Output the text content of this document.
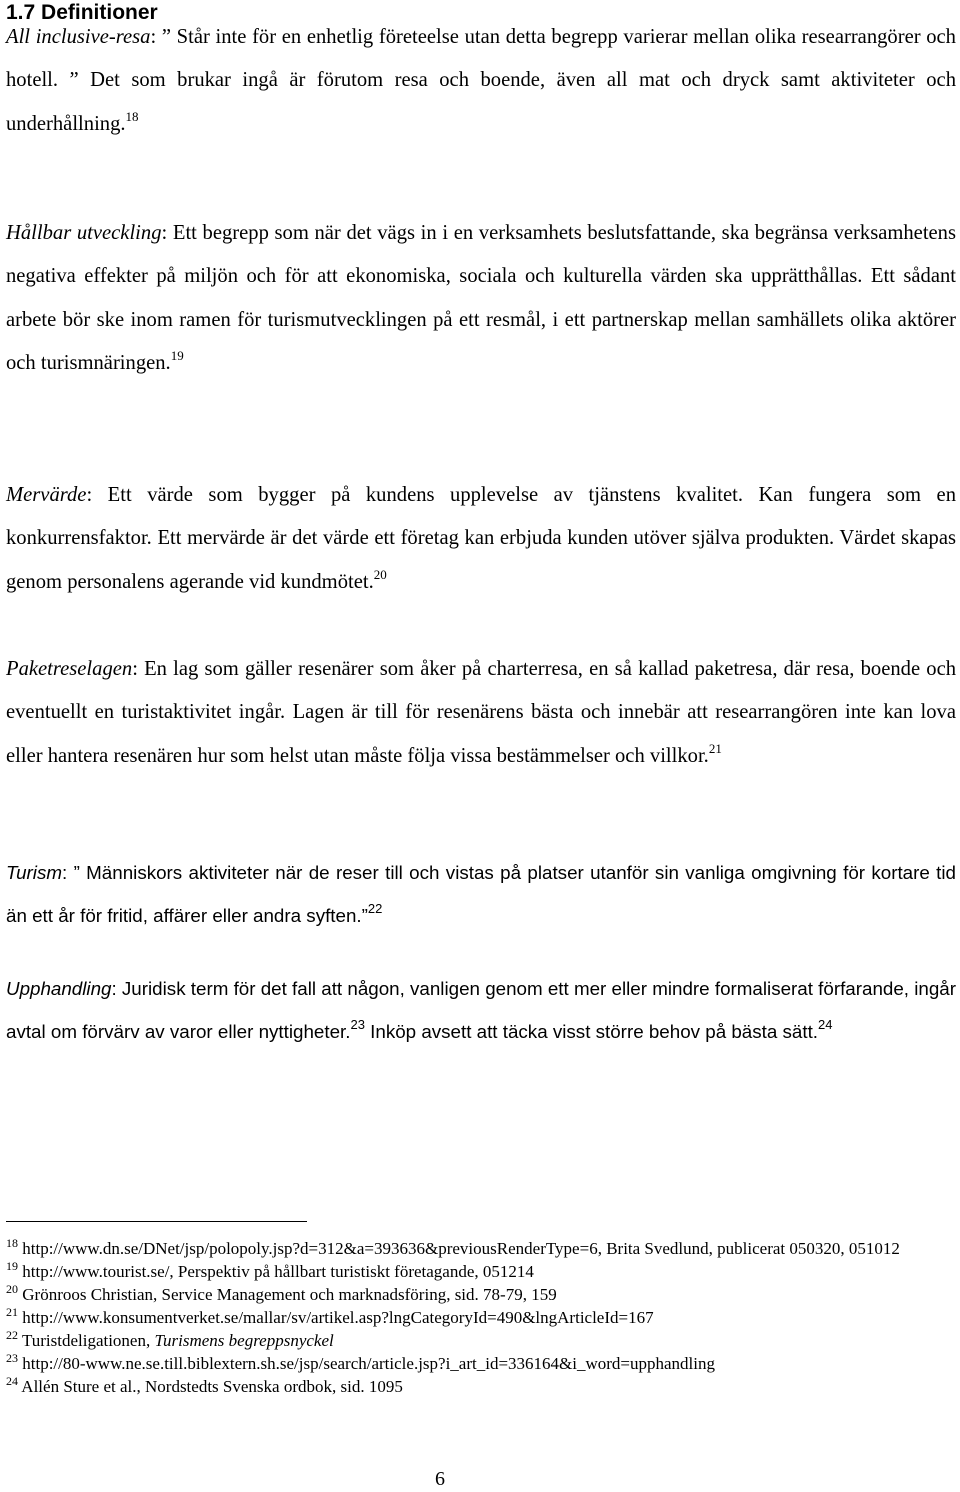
1.7 Definitioner

All inclusive-resa: ” Står inte för en enhetlig företeelse utan detta begrepp varierar mellan olika researrangörer och hotell. ” Det som brukar ingå är förutom resa och boende, även all mat och dryck samt aktiviteter och underhållning.$^{18}$

Hållbar utveckling: Ett begrepp som när det vägs in i en verksamhets beslutsfattande, ska begränsa verksamhetens negativa effekter på miljön och för att ekonomiska, sociala och kulturella värden ska upprätthållas. Ett sådant arbete bör ske inom ramen för turismutvecklingen på ett resmål, i ett partnerskap mellan samhällets olika aktörer och turismnäringen.$^{19}$

Mervärde: Ett värde som bygger på kundens upplevelse av tjänstens kvalitet. Kan fungera som en konkurrensfaktor. Ett mervärde är det värde ett företag kan erbjuda kunden utöver själva produkten. Värdet skapas genom personalens agerande vid kundmötet.$^{20}$

Paketreselagen: En lag som gäller resenärer som åker på charterresa, en så kallad paketresa, där resa, boende och eventuellt en turistaktivitet ingår. Lagen är till för resenärens bästa och innebär att researrangören inte kan lova eller hantera resenären hur som helst utan måste följa vissa bestämmelser och villkor.$^{21}$

Turism: ” Människors aktiviteter när de reser till och vistas på platser utanför sin vanliga omgivning för kortare tid än ett år för fritid, affärer eller andra syften.”$^{22}$

Upphandling: Juridisk term för det fall att någon, vanligen genom ett mer eller mindre formaliserat förfarande, ingår avtal om förvärv av varor eller nyttigheter.$^{23}$ Inköp avsett att täcka visst större behov på bästa sätt.$^{24}$

$^{18}$ http://www.dn.se/DNet/jsp/polopoly.jsp?d=312&a=393636&previousRenderType=6, Brita Svedlund, publicerat 050320, 051012
$^{19}$ http://www.tourist.se/, Perspektiv på hållbart turistiskt företagande, 051214
$^{20}$ Grönroos Christian, Service Management och marknadsföring, sid. 78-79, 159
$^{21}$ http://www.konsumentverket.se/mallar/sv/artikel.asp?lngCategoryId=490&lngArticleId=167
$^{22}$ Turistdeligationen, Turismens begreppsnyckel
$^{23}$ http://80-www.ne.se.till.biblextern.sh.se/jsp/search/article.jsp?i_art_id=336164&i_word=upphandling
$^{24}$ Allén Sture et al., Nordstedts Svenska ordbok, sid. 1095
6
